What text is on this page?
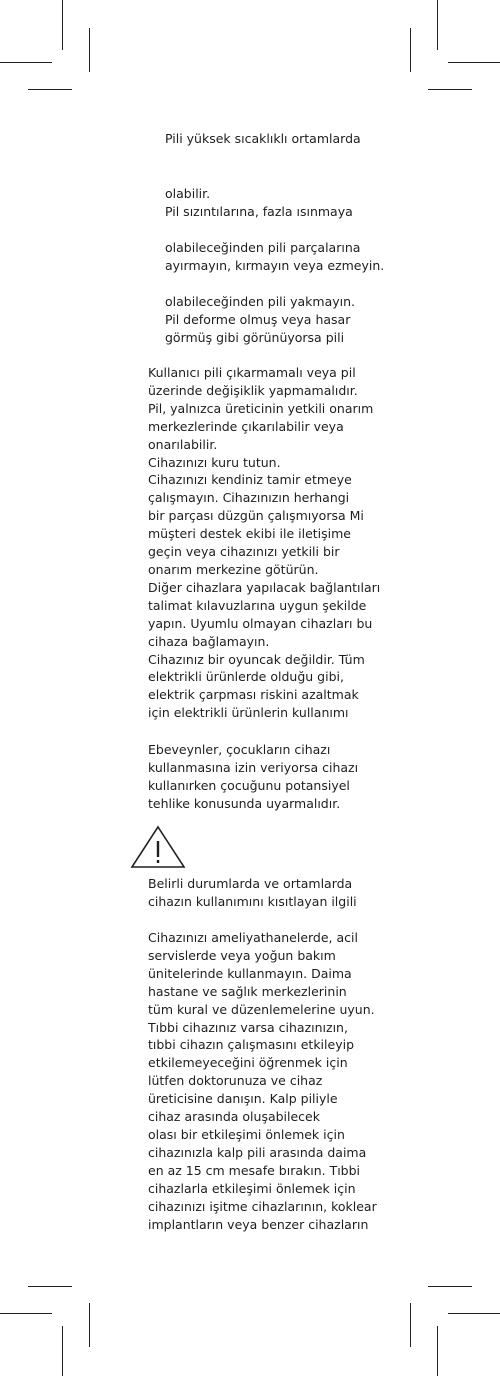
Pili yüksek sıcaklıklı ortamlarda
olabilir.
Pil sızıntılarına, fazla ısınmaya
olabileceğinden pili parçalarına
ayırmayın, kırmayın veya ezmeyin.
olabileceğinden pili yakmayın.
Pil deforme olmuş veya hasar
görmüş gibi görünüyorsa pili
Kullanıcı pili çıkarmamalı veya pil
üzerinde değişiklik yapmamalıdır.
Pil, yalnızca üreticinin yetkili onarım
merkezlerinde çıkarılabilir veya
onarılabilir.
Cihazınızı kuru tutun.
Cihazınızı kendiniz tamir etmeye
çalışmayın. Cihazınızın herhangi
bir parçası düzgün çalışmıyorsa Mi
müşteri destek ekibi ile iletişime
geçin veya cihazınızı yetkili bir
onarım merkezine götürün.
Diğer cihazlara yapılacak bağlantıları
talimat kılavuzlarına uygun şekilde
yapın. Uyumlu olmayan cihazları bu
cihaza bağlamayın.
Cihazınız bir oyuncak değildir. Tüm
elektrikli ürünlerde olduğu gibi,
elektrik çarpması riskini azaltmak
için elektrikli ürünlerin kullanımı
Ebeveynler, çocukların cihazı
kullanmasına izin veriyorsa cihazı
kullanırken çocuğunu potansiyel
tehlike konusunda uyarmalıdır.
Belirli durumlarda ve ortamlarda
cihazın kullanımını kısıtlayan ilgili
Cihazınızı ameliyathanelerde, acil
servislerde veya yoğun bakım
ünitelerinde kullanmayın. Daima
hastane ve sağlık merkezlerinin
tüm kural ve düzenlemelerine uyun.
Tıbbi cihazınız varsa cihazınızın,
tıbbi cihazın çalışmasını etkileyip
etkilemeyeceğini öğrenmek için
lütfen doktorunuza ve cihaz
üreticisine danışın. Kalp piliyle
cihaz arasında oluşabilecek
olası bir etkileşimi önlemek için
cihazınızla kalp pili arasında daima
en az 15 cm mesafe bırakın. Tıbbi
cihazlarla etkileşimi önlemek için
cihazınızı işitme cihazlarının, koklear
implantların veya benzer cihazların
